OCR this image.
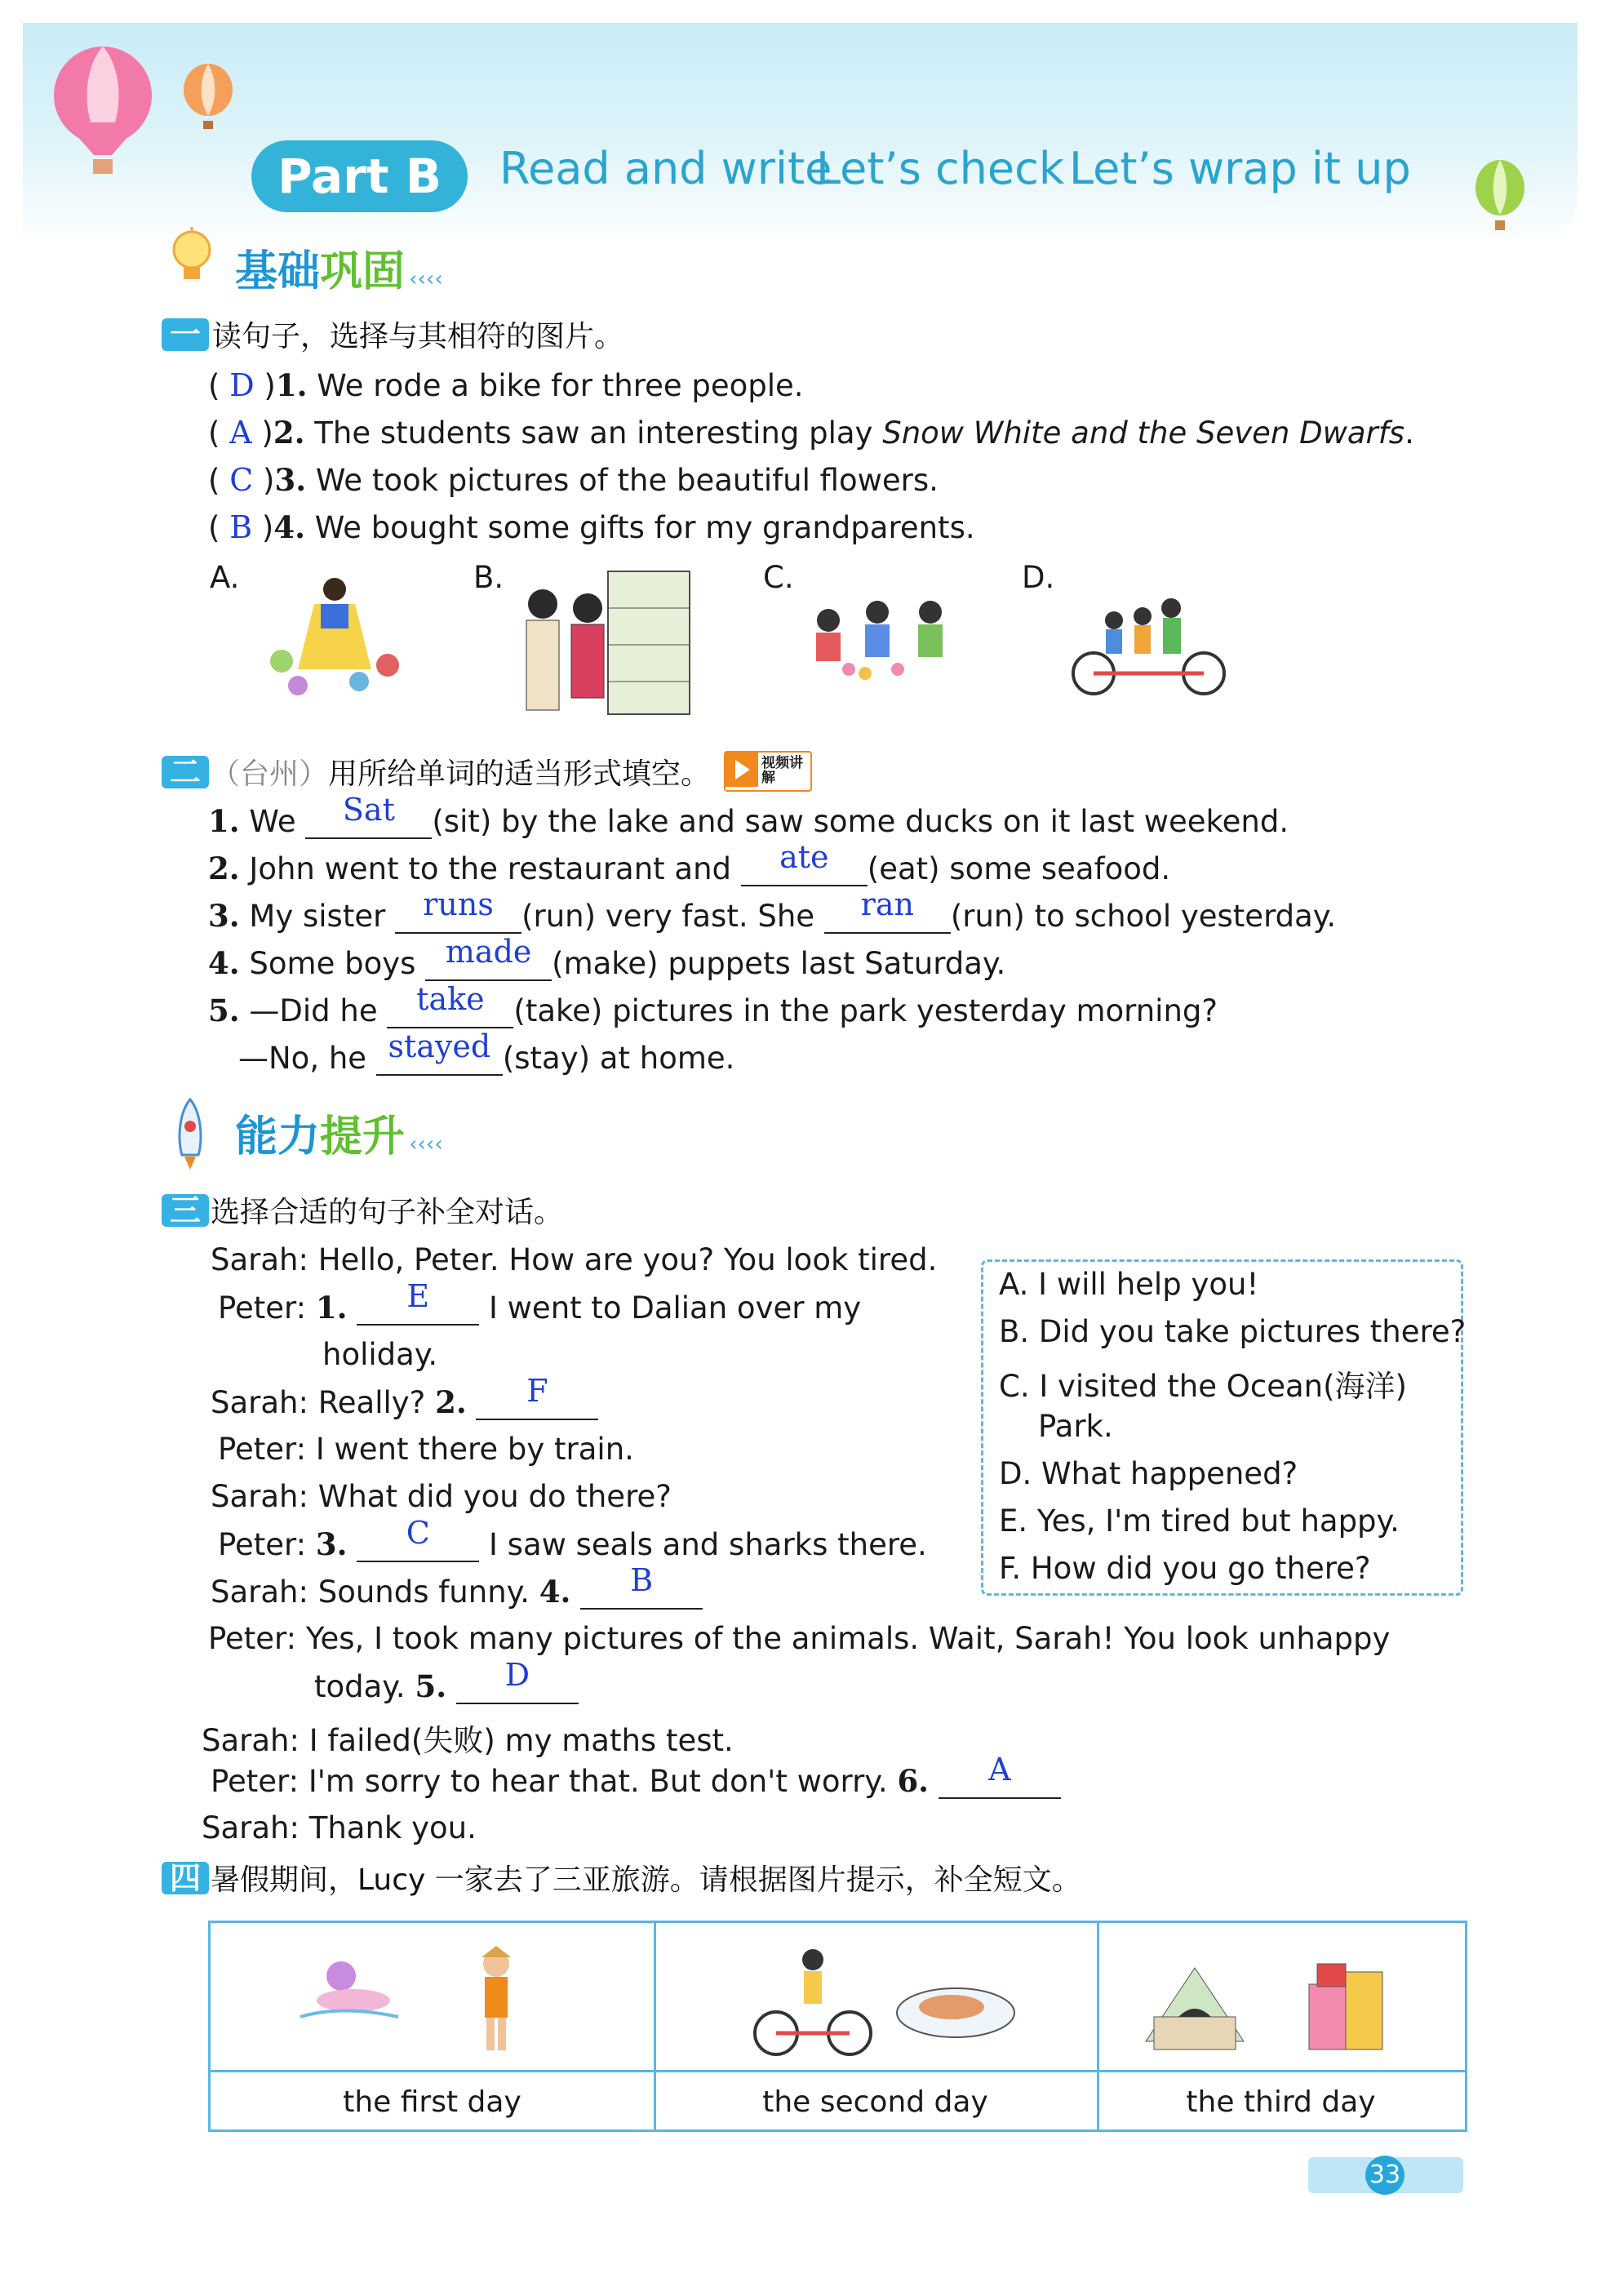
Part B	Read and write
Let’s check Let’s wrap it up
基础巩固 ‹‹‹‹
一 读句子，选择与其相符的图片。
( D )1. We rode a bike for three people.
( A )2. The students saw an interesting play Snow White and the Seven Dwarfs.
( C )3. We took pictures of the beautiful flowers.
( B )4. We bought some gifts for my grandparents.
A.	B.	C.	D.
二 （台州）用所给单词的适当形式填空。	视频讲解
1. We Sat (sit) by the lake and saw some ducks on it last weekend.
2. John went to the restaurant and ate (eat) some seafood.
3. My sister runs (run) very fast. She ran (run) to school yesterday.
4. Some boys made (make) puppets last Saturday.
5. —Did he take (take) pictures in the park yesterday morning?
—No, he stayed (stay) at home.
能力提升 ‹‹‹‹
三 选择合适的句子补全对话。
Sarah: Hello, Peter. How are you? You look tired.
Peter: 1. E I went to Dalian over my
holiday.
Sarah: Really? 2. F
Peter: I went there by train.
Sarah: What did you do there?
Peter: 3. C I saw seals and sharks there.
Sarah: Sounds funny. 4. B
Peter: Yes, I took many pictures of the animals. Wait, Sarah! You look unhappy
today. 5. D
Sarah: I failed(失败) my maths test.
Peter: I'm sorry to hear that. But don't worry. 6. A
Sarah: Thank you.
A. I will help you!
B. Did you take pictures there?
C. I visited the Ocean(海洋)
Park.
D. What happened?
E. Yes, I'm tired but happy.
F. How did you go there?
四 暑假期间，Lucy 一家去了三亚旅游。请根据图片提示，补全短文。
the first day	the second day	the third day
33
